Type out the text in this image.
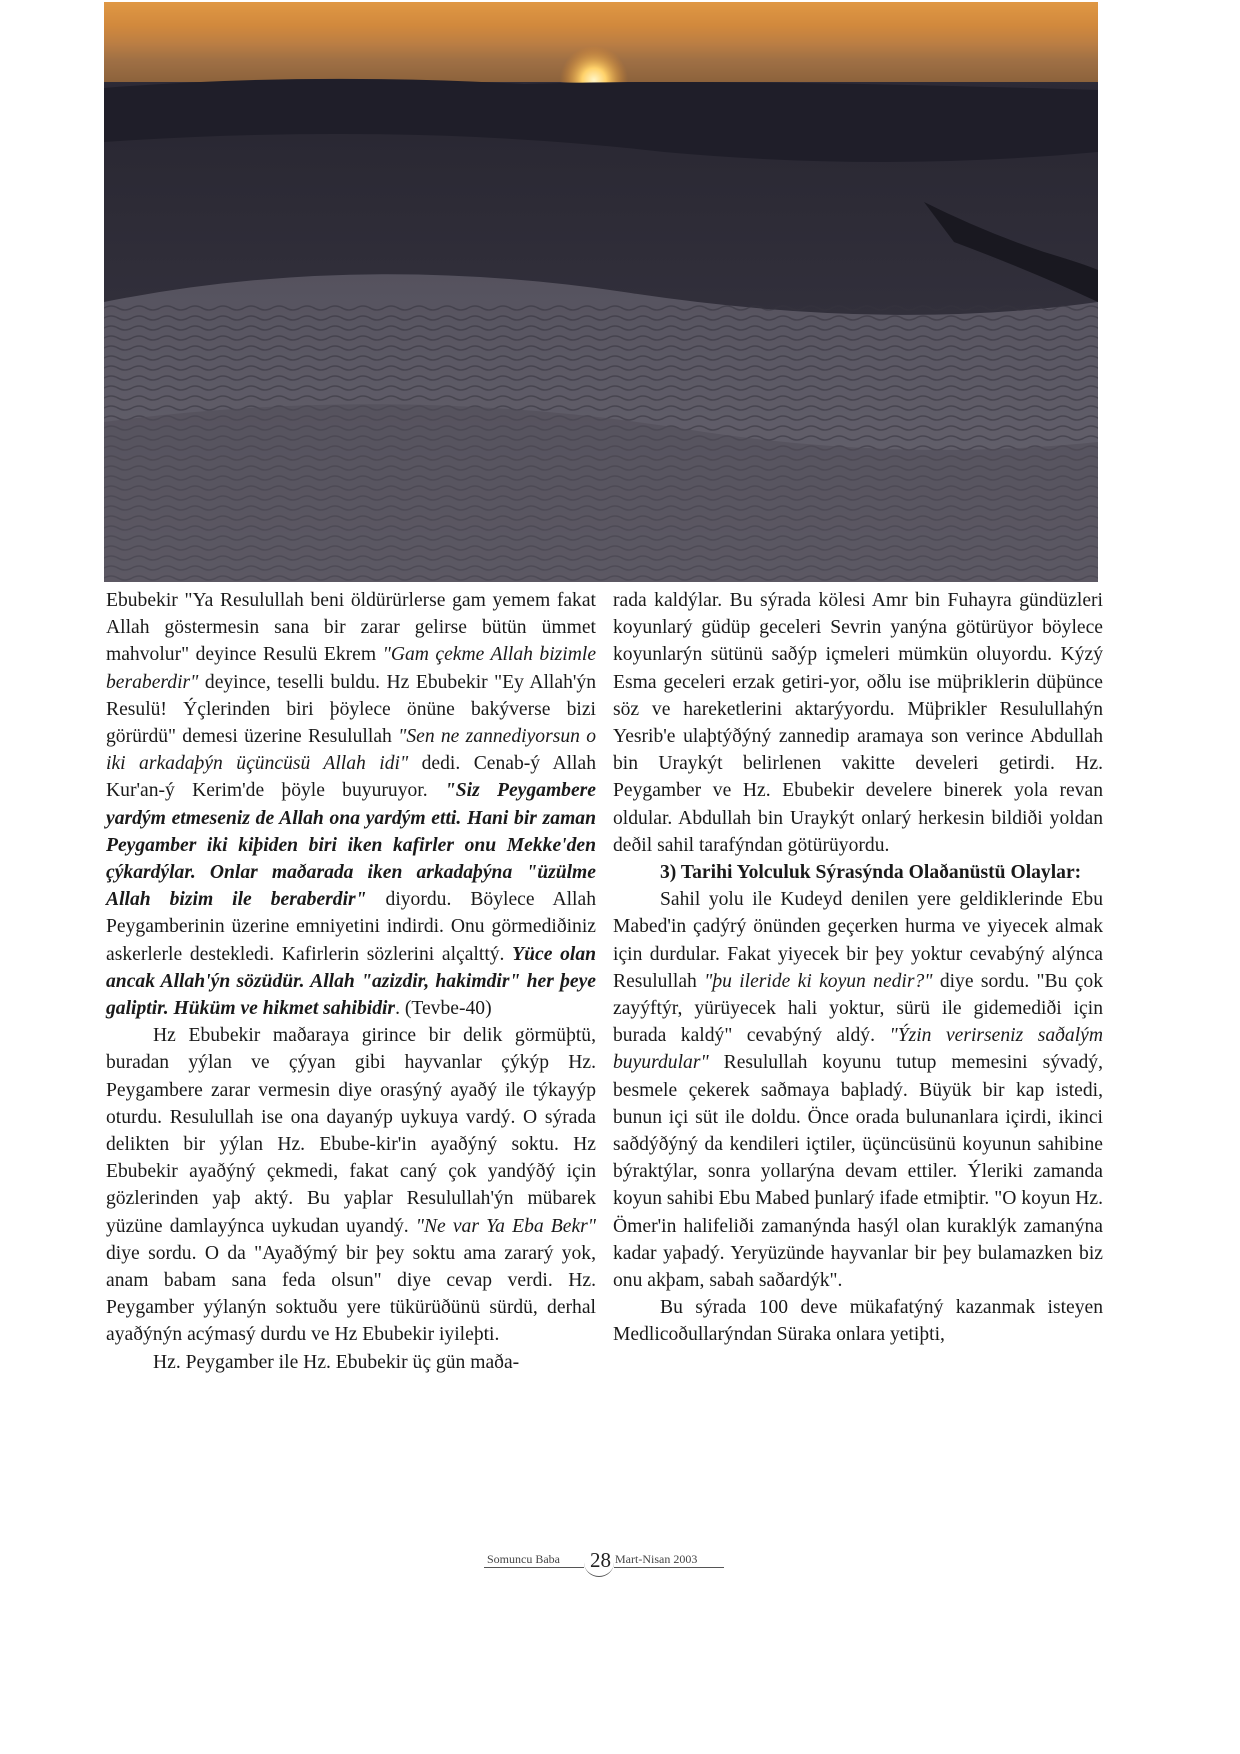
Ebubekir "Ya Resulullah beni öldürürlerse gam yemem fakat Allah göstermesin sana bir zarar gelirse bütün ümmet mahvolur" deyince Resulü Ekrem "Gam çekme Allah bizimle beraberdir" deyince, teselli buldu. Hz Ebubekir "Ey Allah'ýn Resulü! Ýçlerinden biri þöylece önüne bakýverse bizi görürdü" demesi üzerine Resulullah "Sen ne zannediyorsun o iki arkadaþýn üçüncüsü Allah idi" dedi. Cenab-ý Allah Kur'an-ý Kerim'de þöyle buyuruyor. "Siz Peygambere yardým etmeseniz de Allah ona yardým etti. Hani bir zaman Peygamber iki kiþiden biri iken kafirler onu Mekke'den çýkardýlar. Onlar maðarada iken arkadaþýna "üzülme Allah bizim ile beraberdir" diyordu. Böylece Allah Peygamberinin üzerine emniyetini indirdi. Onu görmediðiniz askerlerle destekledi. Kafirlerin sözlerini alçalttý. Yüce olan ancak Allah'ýn sözüdür. Allah "azizdir, hakimdir" her þeye galiptir. Hüküm ve hikmet sahibidir. (Tevbe-40)

Hz Ebubekir maðaraya girince bir delik görmüþtü, buradan yýlan ve çýyan gibi hayvanlar çýkýp Hz. Peygambere zarar vermesin diye orasýný ayaðý ile týkayýp oturdu. Resulullah ise ona dayanýp uykuya vardý. O sýrada delikten bir yýlan Hz. Ebube-kir'in ayaðýný soktu. Hz Ebubekir ayaðýný çekmedi, fakat caný çok yandýðý için gözlerinden yaþ aktý. Bu yaþlar Resulullah'ýn mübarek yüzüne damlayýnca uykudan uyandý. "Ne var Ya Eba Bekr" diye sordu. O da "Ayaðýmý bir þey soktu ama zararý yok, anam babam sana feda olsun" diye cevap verdi. Hz. Peygamber yýlanýn soktuðu yere tükürüðünü sürdü, derhal ayaðýnýn acýmasý durdu ve Hz Ebubekir iyileþti.

Hz. Peygamber ile Hz. Ebubekir üç gün maða-

rada kaldýlar. Bu sýrada kölesi Amr bin Fuhayra gündüzleri koyunlarý güdüp geceleri Sevrin yanýna götürüyor böylece koyunlarýn sütünü saðýp içmeleri mümkün oluyordu. Kýzý Esma geceleri erzak getiri-yor, oðlu ise müþriklerin düþünce söz ve hareketlerini aktarýyordu. Müþrikler Resulullahýn Yesrib'e ulaþtýðýný zannedip aramaya son verince Abdullah bin Uraykýt belirlenen vakitte develeri getirdi. Hz. Peygamber ve Hz. Ebubekir develere binerek yola revan oldular. Abdullah bin Uraykýt onlarý herkesin bildiði yoldan deðil sahil tarafýndan götürüyordu.

3) Tarihi Yolculuk Sýrasýnda Olaðanüstü Olaylar:

Sahil yolu ile Kudeyd denilen yere geldiklerinde Ebu Mabed'in çadýrý önünden geçerken hurma ve yiyecek almak için durdular. Fakat yiyecek bir þey yoktur cevabýný alýnca Resulullah "þu ileride ki koyun nedir?" diye sordu. "Bu çok zayýftýr, yürüyecek hali yoktur, sürü ile gidemediði için burada kaldý" cevabýný aldý. "Ýzin verirseniz saðalým buyurdular" Resulullah koyunu tutup memesini sývadý, besmele çekerek saðmaya baþladý. Büyük bir kap istedi, bunun içi süt ile doldu. Önce orada bulunanlara içirdi, ikinci saðdýðýný da kendileri içtiler, üçüncüsünü koyunun sahibine býraktýlar, sonra yollarýna devam ettiler. Ýleriki zamanda koyun sahibi Ebu Mabed þunlarý ifade etmiþtir. "O koyun Hz. Ömer'in halifeliði zamanýnda hasýl olan kuraklýk zamanýna kadar yaþadý. Yeryüzünde hayvanlar bir þey bulamazken biz onu akþam, sabah saðardýk".

Bu sýrada 100 deve mükafatýný kazanmak isteyen Medlicoðullarýndan Süraka onlara yetiþti,

Somuncu Baba 28 Mart-Nisan 2003
